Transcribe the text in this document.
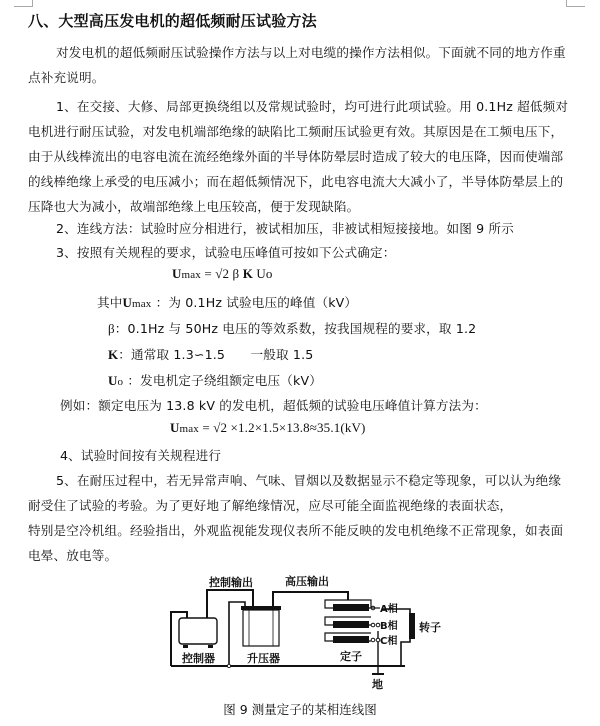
八、大型高压发电机的超低频耐压试验方法
对发电机的超低频耐压试验操作方法与以上对电缆的操作方法相似。下面就不同的地方作重
点补充说明。
1、在交接、大修、局部更换绕组以及常规试验时，均可进行此项试验。用 0.1Hz 超低频对
电机进行耐压试验，对发电机端部绝缘的缺陷比工频耐压试验更有效。其原因是在工频电压下，
由于从线棒流出的电容电流在流经绝缘外面的半导体防晕层时造成了较大的电压降，因而使端部
的线棒绝缘上承受的电压减小；而在超低频情况下，此电容电流大大减小了，半导体防晕层上的
压降也大为减小，故端部绝缘上电压较高，便于发现缺陷。
2、连线方法：试验时应分相进行，被试相加压，非被试相短接接地。如图 9 所示
3、按照有关规程的要求，试验电压峰值可按如下公式确定：
Umax = √2 β K Uo
其中Umax ：为 0.1Hz 试验电压的峰值（kV）
β：0.1Hz 与 50Hz 电压的等效系数，按我国规程的要求，取 1.2
K：通常取 1.3∽1.5　　一般取 1.5
Uo ：发电机定子绕组额定电压（kV）
例如：额定电压为 13.8 kV 的发电机，超低频的试验电压峰值计算方法为：
Umax = √2 ×1.2×1.5×13.8≈35.1(kV)
4、试验时间按有关规程进行
5、在耐压过程中，若无异常声响、气味、冒烟以及数据显示不稳定等现象，可以认为绝缘
耐受住了试验的考验。为了更好地了解绝缘情况，应尽可能全面监视绝缘的表面状态，
特别是空冷机组。经验指出，外观监视能发现仪表所不能反映的发电机绝缘不正常现象，如表面
电晕、放电等。
控制输出	高压输出
控制器	升压器	定子
A相
B相
C相
转子
地
图 9 测量定子的某相连线图
